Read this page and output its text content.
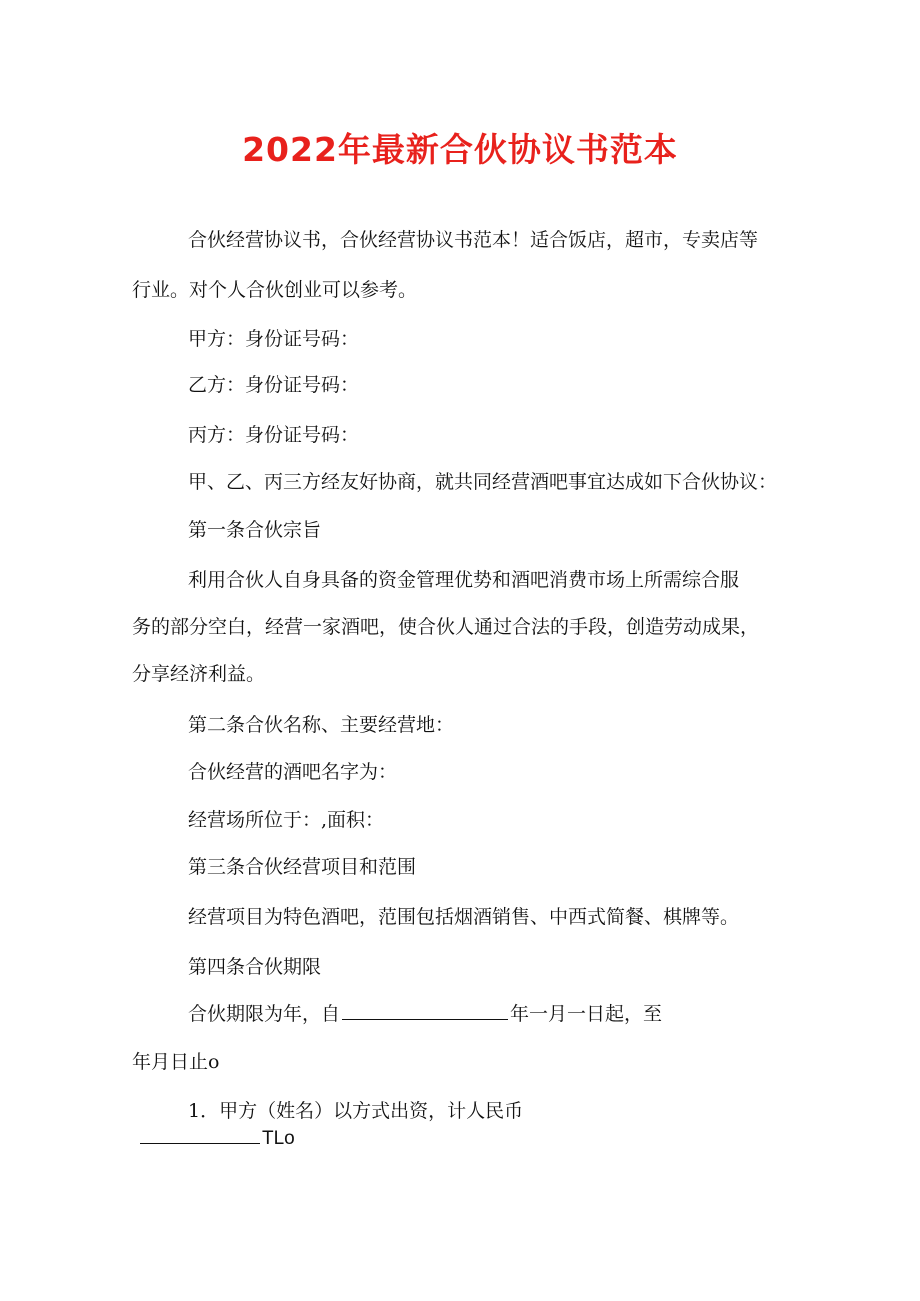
2022年最新合伙协议书范本
合伙经营协议书，合伙经营协议书范本！适合饭店，超市，专卖店等
行业。对个人合伙创业可以参考。
甲方：身份证号码：
乙方：身份证号码：
丙方：身份证号码：
甲、乙、丙三方经友好协商，就共同经营酒吧事宜达成如下合伙协议：
第一条合伙宗旨
利用合伙人自身具备的资金管理优势和酒吧消费市场上所需综合服
务的部分空白，经营一家酒吧，使合伙人通过合法的手段，创造劳动成果，
分享经济利益。
第二条合伙名称、主要经营地：
合伙经营的酒吧名字为：
经营场所位于：,面积：
第三条合伙经营项目和范围
经营项目为特色酒吧，范围包括烟酒销售、中西式简餐、棋牌等。
第四条合伙期限
合伙期限为年，自	年一月一日起，至
年月日止o
1．甲方（姓名）以方式出资，计人民币
TLo
